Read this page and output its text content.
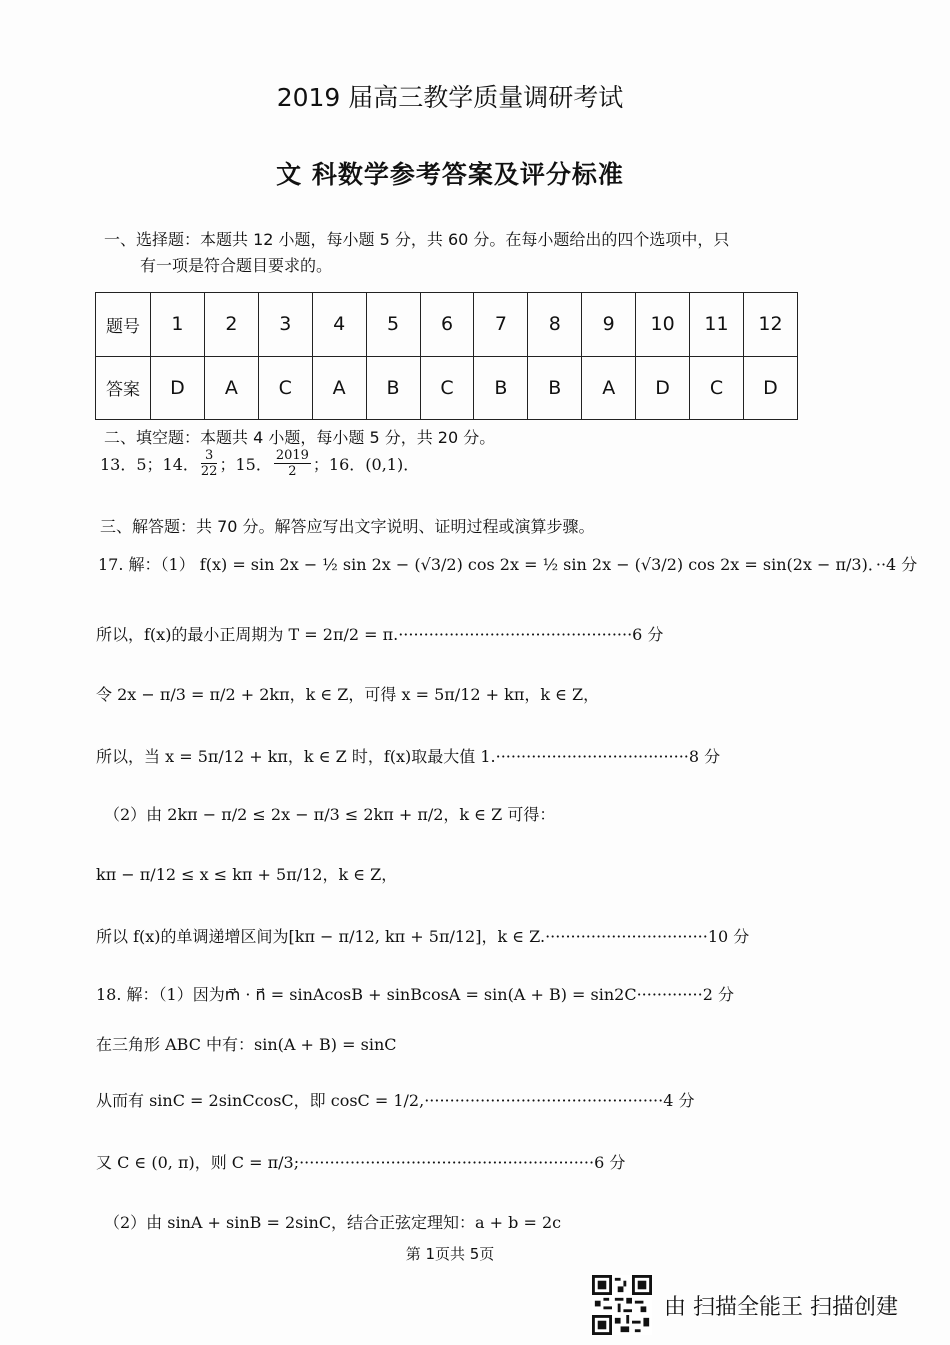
2019 届高三教学质量调研考试
文 科数学参考答案及评分标准
一、选择题：本题共 12 小题，每小题 5 分，共 60 分。在每小题给出的四个选项中，只
有一项是符合题目要求的。
题号	1	2	3	4	5	6	7	8	9	10	11	12
答案	D	A	C	A	B	C	B	B	A	D	C	D
二、填空题：本题共 4 小题，每小题 5 分，共 20 分。
13．5；14． $\frac{3}{22}$ ；15． $\frac{2019}{2}$ ；16．(0,1)．
三、解答题：共 70 分。解答应写出文字说明、证明过程或演算步骤。
17. 解：（1） f(x) = sin 2x − ½ sin 2x − (√3/2) cos 2x = ½ sin 2x − (√3/2) cos 2x = sin(2x − π/3)．··4 分
所以，f(x)的最小正周期为 T = 2π/2 = π.··············································6 分
令 2x − π/3 = π/2 + 2kπ，k ∈ Z，可得 x = 5π/12 + kπ，k ∈ Z，
所以，当 x = 5π/12 + kπ，k ∈ Z 时，f(x)取最大值 1.······································8 分
（2）由 2kπ − π/2 ≤ 2x − π/3 ≤ 2kπ + π/2，k ∈ Z 可得：
kπ − π/12 ≤ x ≤ kπ + 5π/12，k ∈ Z，
所以 f(x)的单调递增区间为[kπ − π/12, kπ + 5π/12]，k ∈ Z.································10 分
18. 解：（1）因为m⃗ · n⃗ = sinAcosB + sinBcosA = sin(A + B) = sin2C·············2 分
在三角形 ABC 中有：sin(A + B) = sinC
从而有 sinC = 2sinCcosC，即 cosC = 1/2,···············································4 分
又 C ∈ (0, π)，则 C = π/3;··························································6 分
（2）由 sinA + sinB = 2sinC，结合正弦定理知：a + b = 2c
第 1页共 5页
由 扫描全能王 扫描创建
